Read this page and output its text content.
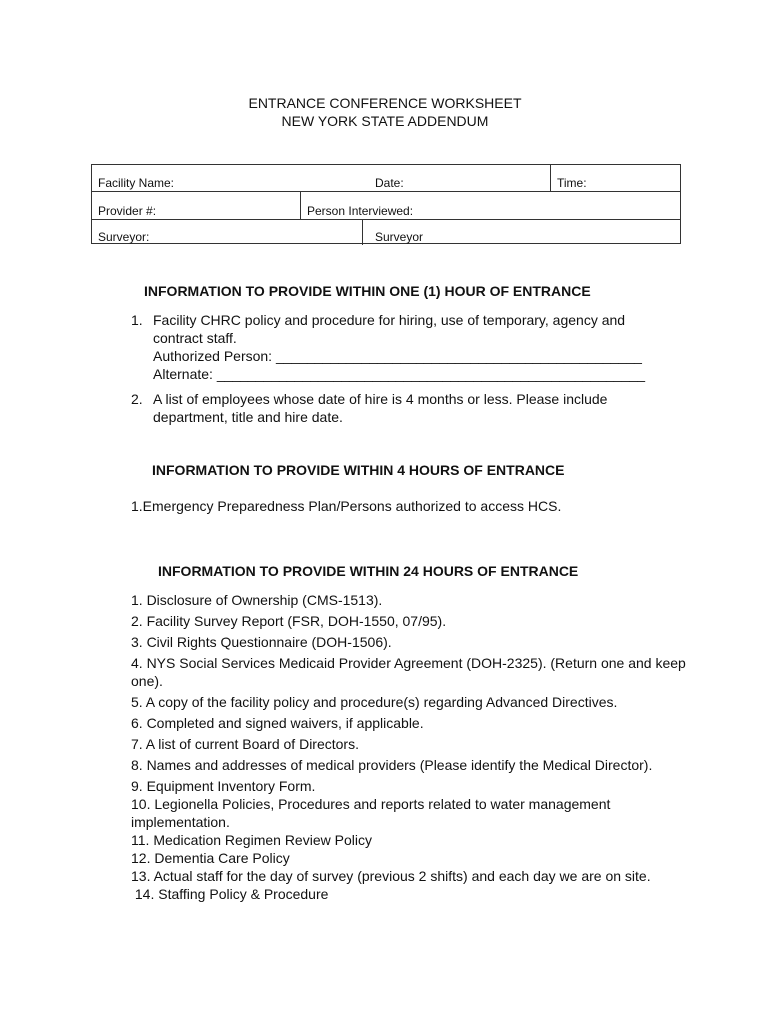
ENTRANCE CONFERENCE WORKSHEET
NEW YORK STATE ADDENDUM
Facility Name:	Date:	Time:
Provider #:	Person Interviewed:
Surveyor:	Surveyor
INFORMATION TO PROVIDE WITHIN ONE (1) HOUR OF ENTRANCE
1. Facility CHRC policy and procedure for hiring, use of temporary, agency and
contract staff.
Authorized Person: _______________________________________________
Alternate: _______________________________________________________
2. A list of employees whose date of hire is 4 months or less. Please include
department, title and hire date.
INFORMATION TO PROVIDE WITHIN 4 HOURS OF ENTRANCE
1.Emergency Preparedness Plan/Persons authorized to access HCS.
INFORMATION TO PROVIDE WITHIN 24 HOURS OF ENTRANCE
1. Disclosure of Ownership (CMS-1513).
2. Facility Survey Report (FSR, DOH-1550, 07/95).
3. Civil Rights Questionnaire (DOH-1506).
4. NYS Social Services Medicaid Provider Agreement (DOH-2325). (Return one and keep one).
5. A copy of the facility policy and procedure(s) regarding Advanced Directives.
6. Completed and signed waivers, if applicable.
7. A list of current Board of Directors.
8. Names and addresses of medical providers (Please identify the Medical Director).
9. Equipment Inventory Form.
10. Legionella Policies, Procedures and reports related to water management implementation.
11. Medication Regimen Review Policy
12. Dementia Care Policy
13. Actual staff for the day of survey (previous 2 shifts) and each day we are on site.
14. Staffing Policy & Procedure
